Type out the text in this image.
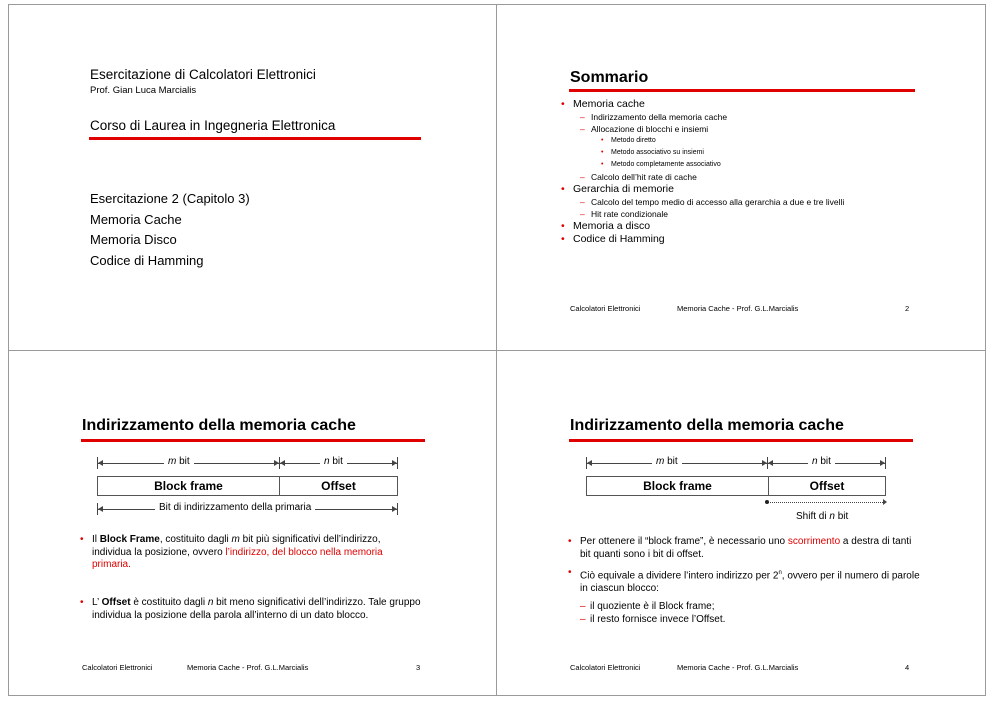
Esercitazione di Calcolatori Elettronici
Prof. Gian Luca Marcialis
Corso di Laurea in Ingegneria Elettronica
Esercitazione 2 (Capitolo 3)
Memoria Cache
Memoria Disco
Codice di Hamming
Sommario
• Memoria cache
– Indirizzamento della memoria cache
– Allocazione di blocchi e insiemi
• Metodo diretto
• Metodo associativo su insiemi
• Metodo completamente associativo
– Calcolo dell’hit rate di cache
• Gerarchia di memorie
– Calcolo del tempo medio di accesso alla gerarchia a due e tre livelli
– Hit rate condizionale
• Memoria a disco
• Codice di Hamming
Calcolatori Elettronici	Memoria Cache - Prof. G.L.Marcialis	2
Indirizzamento della memoria cache
m bit	n bit
Block frame	Offset
Bit di indirizzamento della primaria
• Il Block Frame, costituito dagli m bit più significativi dell’indirizzo, individua la posizione, ovvero l’indirizzo, del blocco nella memoria primaria.
• L’ Offset è costituito dagli n bit meno significativi dell’indirizzo. Tale gruppo individua la posizione della parola all’interno di un dato blocco.
Calcolatori Elettronici	Memoria Cache - Prof. G.L.Marcialis	3
Indirizzamento della memoria cache
m bit	n bit
Block frame	Offset
Shift di n bit
• Per ottenere il “block frame”, è necessario uno scorrimento a destra di tanti bit quanti sono i bit di offset.
• Ciò equivale a dividere l’intero indirizzo per 2$^n$, ovvero per il numero di parole in ciascun blocco:
– il quoziente è il Block frame;
– il resto fornisce invece l’Offset.
Calcolatori Elettronici	Memoria Cache - Prof. G.L.Marcialis	4
